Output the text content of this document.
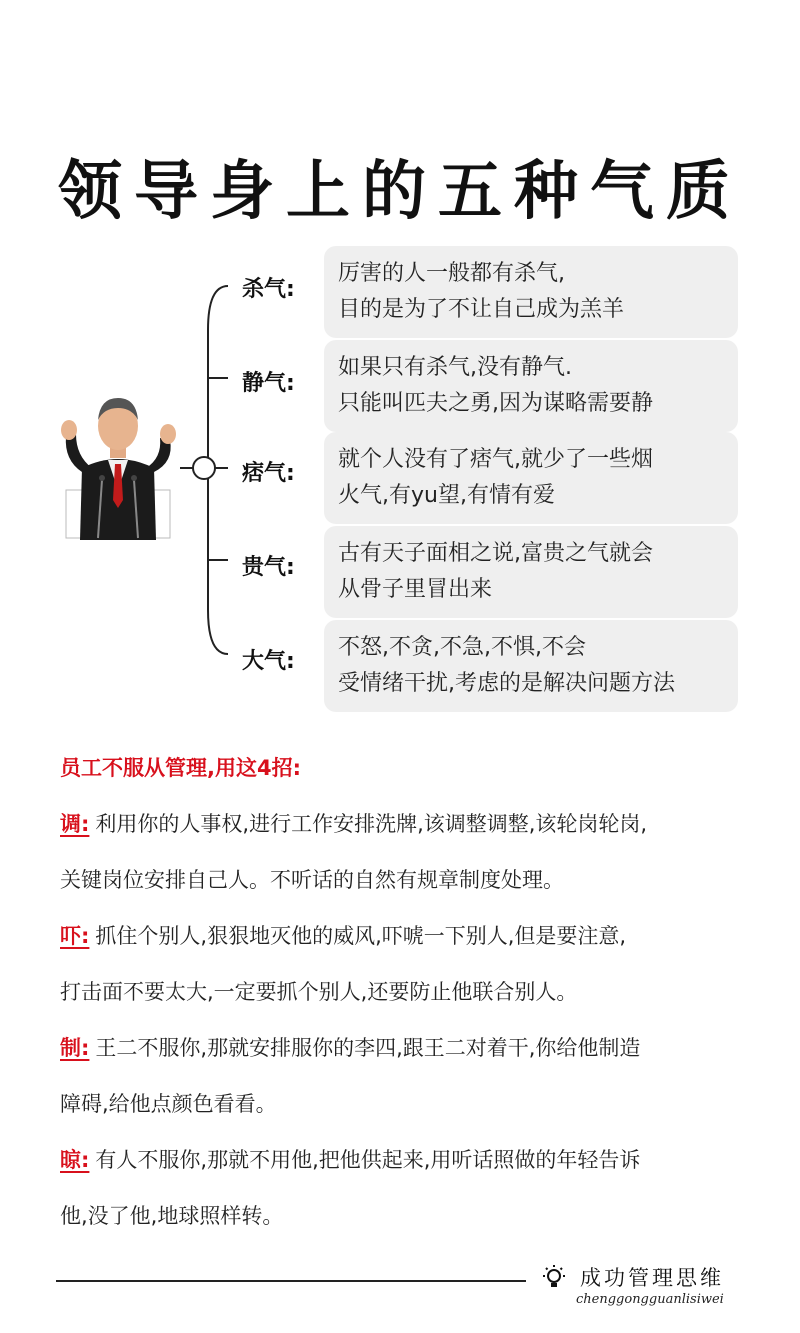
领导身上的五种气质
杀气:
厉害的人一般都有杀气,
目的是为了不让自己成为羔羊
静气:
如果只有杀气,没有静气.
只能叫匹夫之勇,因为谋略需要静
痞气:
就个人没有了痞气,就少了一些烟
火气,有yu望,有情有爱
贵气:
古有天子面相之说,富贵之气就会
从骨子里冒出来
大气:
不怒,不贪,不急,不惧,不会
受情绪干扰,考虑的是解决问题方法
员工不服从管理,用这4招:
调: 利用你的人事权,进行工作安排洗牌,该调整调整,该轮岗轮岗,
关键岗位安排自己人。不听话的自然有规章制度处理。
吓: 抓住个别人,狠狠地灭他的威风,吓唬一下别人,但是要注意,
打击面不要太大,一定要抓个别人,还要防止他联合别人。
制: 王二不服你,那就安排服你的李四,跟王二对着干,你给他制造
障碍,给他点颜色看看。
晾: 有人不服你,那就不用他,把他供起来,用听话照做的年轻告诉
他,没了他,地球照样转。
成功管理思维
chenggongguanlisiwei
